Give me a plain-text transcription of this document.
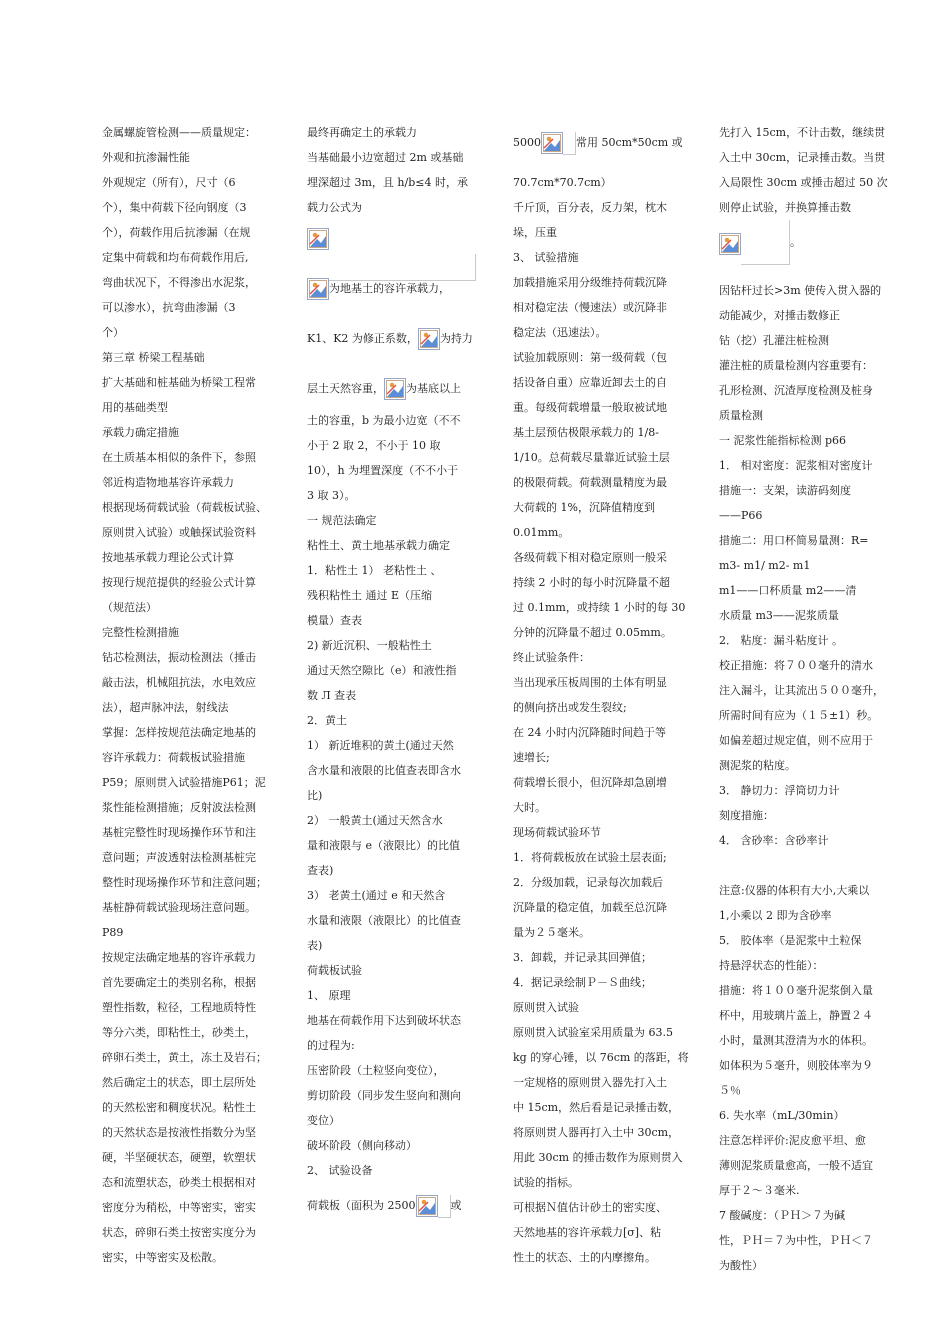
金属螺旋管检测——质量规定：
外观和抗渗漏性能
外观规定（所有），尺寸（6
个），集中荷载下径向钢度（3
个），荷载作用后抗渗漏（在规
定集中荷载和均布荷载作用后,
弯曲状况下，不得渗出水泥浆，
可以渗水），抗弯曲渗漏（3
个）
第三章 桥梁工程基础
扩大基础和桩基础为桥梁工程常
用的基础类型
承载力确定措施
在土质基本相似的条件下，参照
邻近构造物地基容许承载力
根据现场荷载试验（荷载板试验、
原则贯入试验）或触探试验资料
按地基承载力理论公式计算
按现行规范提供的经验公式计算
（规范法）
完整性检测措施
钻芯检测法，振动检测法（捶击
敲击法，机械阻抗法，水电效应
法），超声脉冲法，射线法
掌握：怎样按规范法确定地基的
容许承载力：荷载板试验措施
P59；原则贯入试验措施P61；泥
浆性能检测措施；反射波法检测
基桩完整性时现场操作环节和注
意问题；声波透射法检测基桩完
整性时现场操作环节和注意问题；
基桩静荷载试验现场注意问题。
P89
按规定法确定地基的容许承载力
首先要确定土的类别名称，根据
塑性指数，粒径，工程地质特性
等分六类，即粘性土，砂类土，
碎卵石类土，黄土，冻土及岩石；
然后确定土的状态，即土层所处
的天然松密和稠度状况。粘性土
的天然状态是按液性指数分为坚
硬，半坚硬状态，硬塑，软塑状
态和流塑状态，砂类土根据相对
密度分为稍松，中等密实，密实
状态，碎卵石类土按密实度分为
密实，中等密实及松散。
最终再确定土的承载力
当基础最小边宽超过 2m 或基础
埋深超过 3m，且 h/b≤4 时，承
载力公式为
为地基土的容许承载力，
K1、K2 为修正系数， 为持力
层土天然容重， 为基底以上
土的容重，b 为最小边宽（不不
小于 2 取 2，不小于 10 取
10），h 为埋置深度（不不小于
3 取 3）。
一 规范法确定
粘性土、黄土地基承载力确定
1．粘性土 1） 老粘性土 、
残积粘性土 通过 E（压缩
模量）查表
2) 新近沉积、一般粘性土
通过天然空隙比（e）和液性指
数 Л 查表
2．黄土
1） 新近堆积的黄土(通过天然
含水量和液限的比值查表即含水
比)
2） 一般黄土(通过天然含水
量和液限与 e（液限比）的比值
查表)
3） 老黄土(通过 e 和天然含
水量和液限（液限比）的比值查
表)
荷载板试验
1、 原理
地基在荷载作用下达到破坏状态
的过程为:
压密阶段（土粒竖向变位），
剪切阶段（同步发生竖向和测向
变位）
破坏阶段（侧向移动）
2、 试验设备
荷载板（面积为 2500	或
5000	常用 50cm*50cm 或
70.7cm*70.7cm）
千斤顶，百分表，反力架，枕木
垛，压重
3、 试验措施
加载措施采用分级维持荷载沉降
相对稳定法（慢速法）或沉降非
稳定法（迅速法）。
试验加载原则：第一级荷载（包
括设备自重）应靠近卸去土的自
重。每级荷载增量一般取被试地
基土层预估极限承载力的 1/8-
1/10。总荷载尽量靠近试验土层
的极限荷载。荷载测量精度为最
大荷载的 1%，沉降值精度到
0.01mm。
各级荷载下相对稳定原则一般采
持续 2 小时的每小时沉降量不超
过 0.1mm，或持续 1 小时的每 30
分钟的沉降量不超过 0.05mm。
终止试验条件：
当出现承压板周围的土体有明显
的侧向挤出或发生裂纹;
在 24 小时内沉降随时间趋于等
速增长;
荷载增长很小，但沉降却急剧增
大时。
现场荷载试验环节
1．将荷载板放在试验土层表面;
2．分级加载，记录每次加载后
沉降量的稳定值，加载至总沉降
量为２５毫米。
3．卸载，并记录其回弹值；
4．据记录绘制Ｐ－Ｓ曲线；
原则贯入试验
原则贯入试验室采用质量为 63.5
kg 的穿心锤，以 76cm 的落距，将
一定规格的原则贯入器先打入土
中 15cm，然后看是记录捶击数，
将原则贯人器再打入土中 30cm，
用此 30cm 的捶击数作为原则贯入
试验的指标。
可根据Ｎ值估计砂土的密实度、
天然地基的容许承载力[σ]、粘
性土的状态、土的内摩擦角。
先打入 15cm，不计击数，继续贯
入土中 30cm，记录捶击数。当贯
入局限性 30cm 或捶击超过 50 次
则停止试验，并换算捶击数
。
因钻杆过长>3m 使传入贯入器的
动能减少，对捶击数修正
钻（挖）孔灌注桩检测
灌注桩的质量检测内容重要有：
孔形检测、沉渣厚度检测及桩身
质量检测
一 泥浆性能指标检测 p66
1． 相对密度：泥浆相对密度计
措施一：支架，读游码刻度
——P66
措施二：用口杯简易量测：R=
m3- m1/ m2- m1
m1——口杯质量 m2——清
水质量 m3——泥浆质量
2． 粘度：漏斗粘度计 。
校正措施：将７００毫升的清水
注入漏斗，让其流出５００毫升，
所需时间有应为（１５±1）秒。
如偏差超过规定值，则不应用于
测泥浆的粘度。
3． 静切力：浮筒切力计
刻度措施：
4． 含砂率：含砂率计
注意:仪器的体积有大小,大乘以
1,小乘以 2 即为含砂率
5． 胶体率（是泥浆中土粒保
持悬浮状态的性能）：
措施：将１００毫升泥浆倒入量
杯中，用玻璃片盖上，静置２４
小时，量测其澄清为水的体积。
如体积为５毫升，则胶体率为９
５％
6. 失水率（mL/30min）
注意怎样评价:泥皮愈平坦、愈
薄则泥浆质量愈高，一般不适宜
厚于２～３毫米.
7 酸碱度：（ＰＨ＞７为碱
性，ＰＨ＝７为中性，ＰＨ＜７
为酸性）
